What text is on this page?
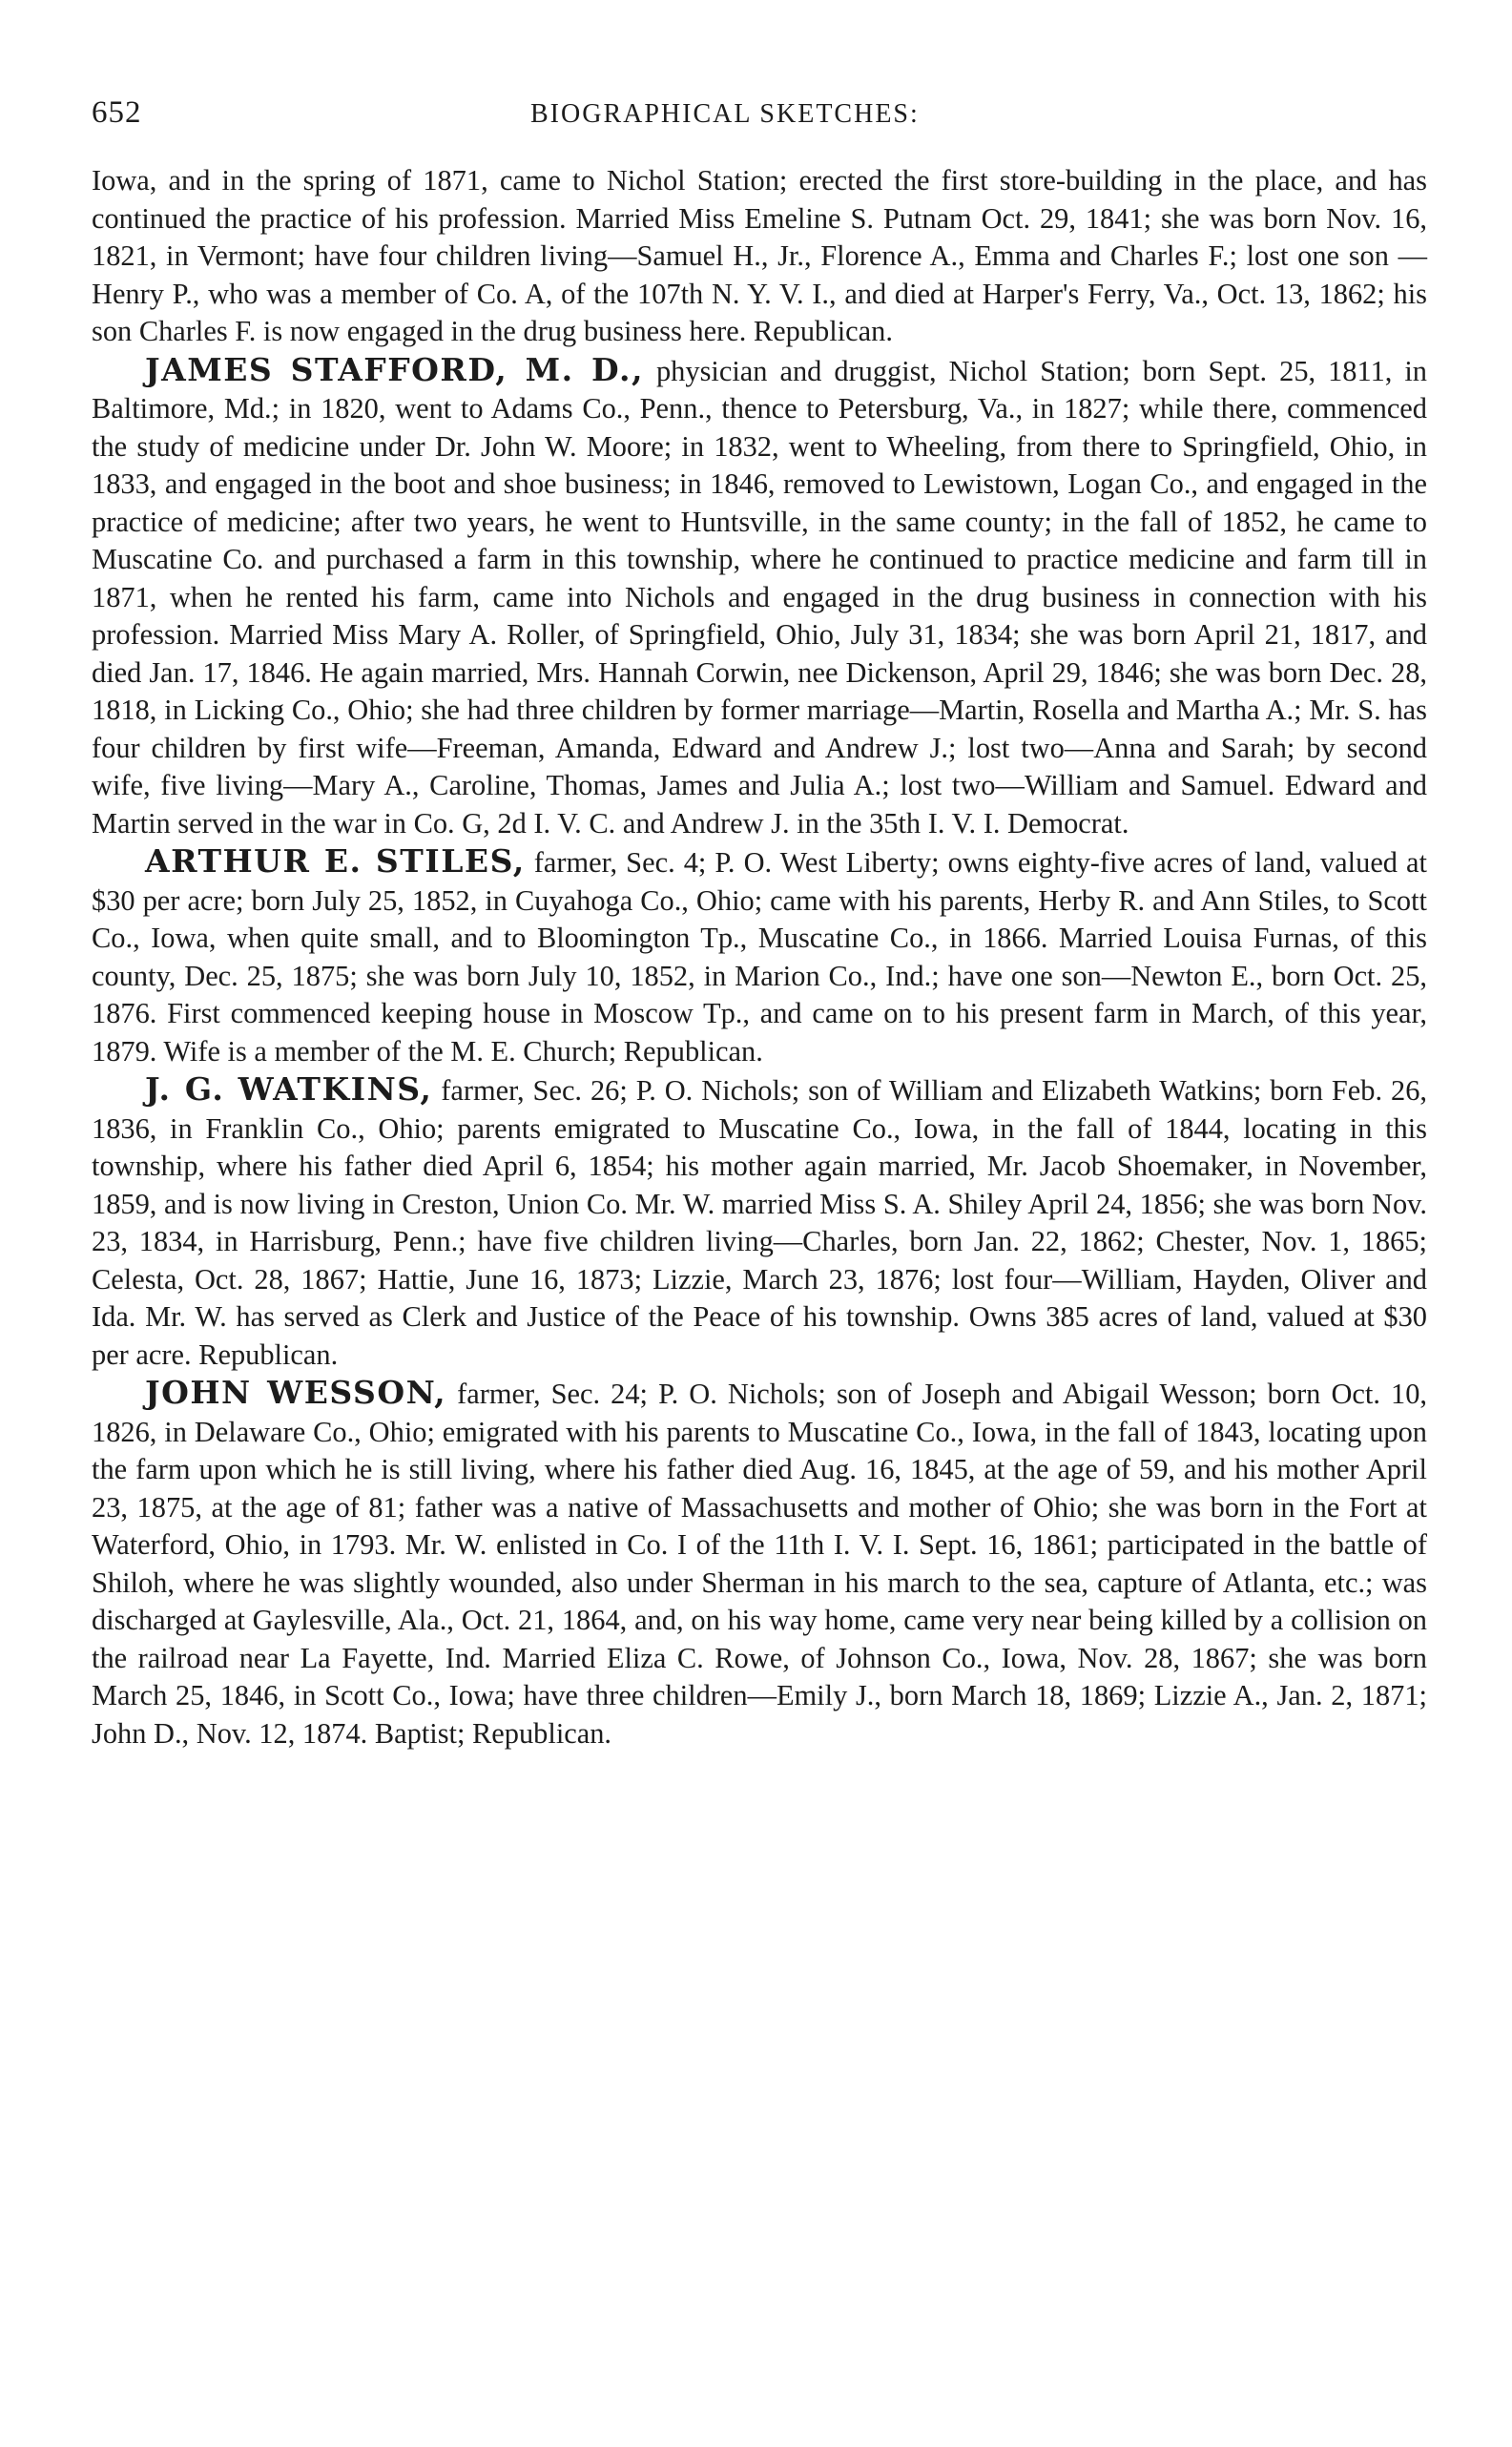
652	BIOGRAPHICAL SKETCHES:

Iowa, and in the spring of 1871, came to Nichol Station; erected the first store-building in the place, and has continued the practice of his profession. Married Miss Emeline S. Putnam Oct. 29, 1841; she was born Nov. 16, 1821, in Vermont; have four children living—Samuel H., Jr., Florence A., Emma and Charles F.; lost one son —Henry P., who was a member of Co. A, of the 107th N. Y. V. I., and died at Harper's Ferry, Va., Oct. 13, 1862; his son Charles F. is now engaged in the drug business here. Republican.

JAMES STAFFORD, M. D., physician and druggist, Nichol Station; born Sept. 25, 1811, in Baltimore, Md.; in 1820, went to Adams Co., Penn., thence to Petersburg, Va., in 1827; while there, commenced the study of medicine under Dr. John W. Moore; in 1832, went to Wheeling, from there to Springfield, Ohio, in 1833, and engaged in the boot and shoe business; in 1846, removed to Lewistown, Logan Co., and engaged in the practice of medicine; after two years, he went to Huntsville, in the same county; in the fall of 1852, he came to Muscatine Co. and purchased a farm in this township, where he continued to practice medicine and farm till in 1871, when he rented his farm, came into Nichols and engaged in the drug business in connection with his profession. Married Miss Mary A. Roller, of Springfield, Ohio, July 31, 1834; she was born April 21, 1817, and died Jan. 17, 1846. He again married, Mrs. Hannah Corwin, nee Dickenson, April 29, 1846; she was born Dec. 28, 1818, in Licking Co., Ohio; she had three children by former marriage—Martin, Rosella and Martha A.; Mr. S. has four children by first wife—Freeman, Amanda, Edward and Andrew J.; lost two—Anna and Sarah; by second wife, five living—Mary A., Caroline, Thomas, James and Julia A.; lost two—William and Samuel. Edward and Martin served in the war in Co. G, 2d I. V. C. and Andrew J. in the 35th I. V. I. Democrat.

ARTHUR E. STILES, farmer, Sec. 4; P. O. West Liberty; owns eighty-five acres of land, valued at $30 per acre; born July 25, 1852, in Cuyahoga Co., Ohio; came with his parents, Herby R. and Ann Stiles, to Scott Co., Iowa, when quite small, and to Bloomington Tp., Muscatine Co., in 1866. Married Louisa Furnas, of this county, Dec. 25, 1875; she was born July 10, 1852, in Marion Co., Ind.; have one son—Newton E., born Oct. 25, 1876. First commenced keeping house in Moscow Tp., and came on to his present farm in March, of this year, 1879. Wife is a member of the M. E. Church; Republican.

J. G. WATKINS, farmer, Sec. 26; P. O. Nichols; son of William and Elizabeth Watkins; born Feb. 26, 1836, in Franklin Co., Ohio; parents emigrated to Muscatine Co., Iowa, in the fall of 1844, locating in this township, where his father died April 6, 1854; his mother again married, Mr. Jacob Shoemaker, in November, 1859, and is now living in Creston, Union Co. Mr. W. married Miss S. A. Shiley April 24, 1856; she was born Nov. 23, 1834, in Harrisburg, Penn.; have five children living—Charles, born Jan. 22, 1862; Chester, Nov. 1, 1865; Celesta, Oct. 28, 1867; Hattie, June 16, 1873; Lizzie, March 23, 1876; lost four—William, Hayden, Oliver and Ida. Mr. W. has served as Clerk and Justice of the Peace of his township. Owns 385 acres of land, valued at $30 per acre. Republican.

JOHN WESSON, farmer, Sec. 24; P. O. Nichols; son of Joseph and Abigail Wesson; born Oct. 10, 1826, in Delaware Co., Ohio; emigrated with his parents to Muscatine Co., Iowa, in the fall of 1843, locating upon the farm upon which he is still living, where his father died Aug. 16, 1845, at the age of 59, and his mother April 23, 1875, at the age of 81; father was a native of Massachusetts and mother of Ohio; she was born in the Fort at Waterford, Ohio, in 1793. Mr. W. enlisted in Co. I of the 11th I. V. I. Sept. 16, 1861; participated in the battle of Shiloh, where he was slightly wounded, also under Sherman in his march to the sea, capture of Atlanta, etc.; was discharged at Gaylesville, Ala., Oct. 21, 1864, and, on his way home, came very near being killed by a collision on the railroad near La Fayette, Ind. Married Eliza C. Rowe, of Johnson Co., Iowa, Nov. 28, 1867; she was born March 25, 1846, in Scott Co., Iowa; have three children—Emily J., born March 18, 1869; Lizzie A., Jan. 2, 1871; John D., Nov. 12, 1874. Baptist; Republican.
